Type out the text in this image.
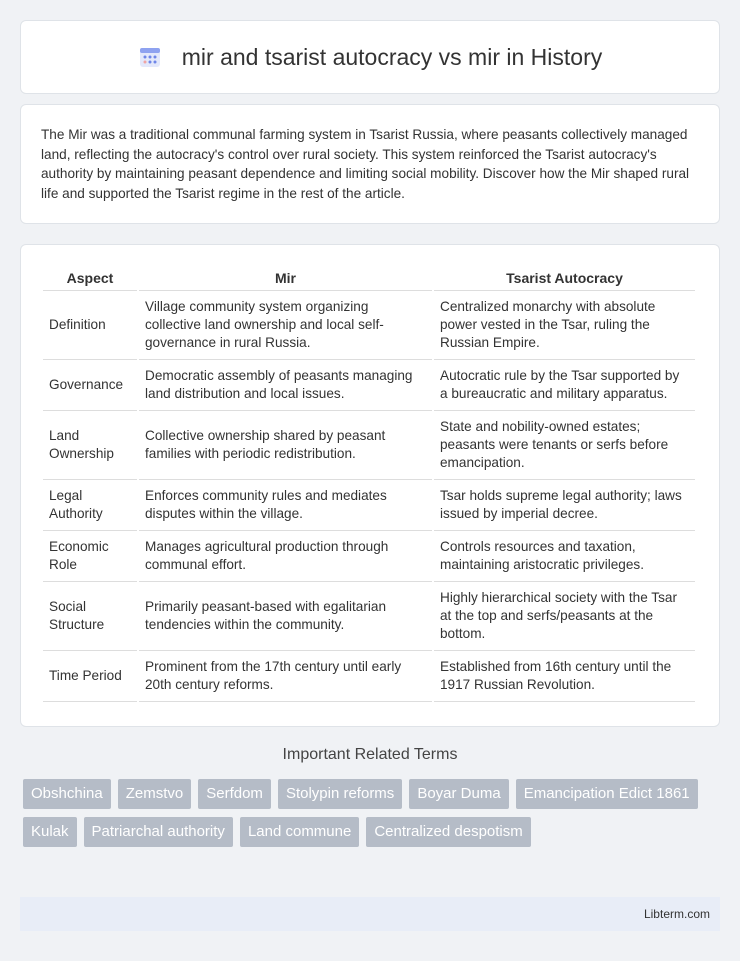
mir and tsarist autocracy vs mir in History

The Mir was a traditional communal farming system in Tsarist Russia, where peasants collectively managed land, reflecting the autocracy's control over rural society. This system reinforced the Tsarist autocracy's authority by maintaining peasant dependence and limiting social mobility. Discover how the Mir shaped rural life and supported the Tsarist regime in the rest of the article.

Aspect	Mir	Tsarist Autocracy
Definition	Village community system organizing collective land ownership and local self-governance in rural Russia.	Centralized monarchy with absolute power vested in the Tsar, ruling the Russian Empire.
Governance	Democratic assembly of peasants managing land distribution and local issues.	Autocratic rule by the Tsar supported by a bureaucratic and military apparatus.
Land Ownership	Collective ownership shared by peasant families with periodic redistribution.	State and nobility-owned estates; peasants were tenants or serfs before emancipation.
Legal Authority	Enforces community rules and mediates disputes within the village.	Tsar holds supreme legal authority; laws issued by imperial decree.
Economic Role	Manages agricultural production through communal effort.	Controls resources and taxation, maintaining aristocratic privileges.
Social Structure	Primarily peasant-based with egalitarian tendencies within the community.	Highly hierarchical society with the Tsar at the top and serfs/peasants at the bottom.
Time Period	Prominent from the 17th century until early 20th century reforms.	Established from 16th century until the 1917 Russian Revolution.
Important Related Terms
Obshchina	Zemstvo	Serfdom	Stolypin reforms	Boyar Duma	Emancipation Edict 1861
Kulak	Patriarchal authority	Land commune	Centralized despotism
Libterm.com
